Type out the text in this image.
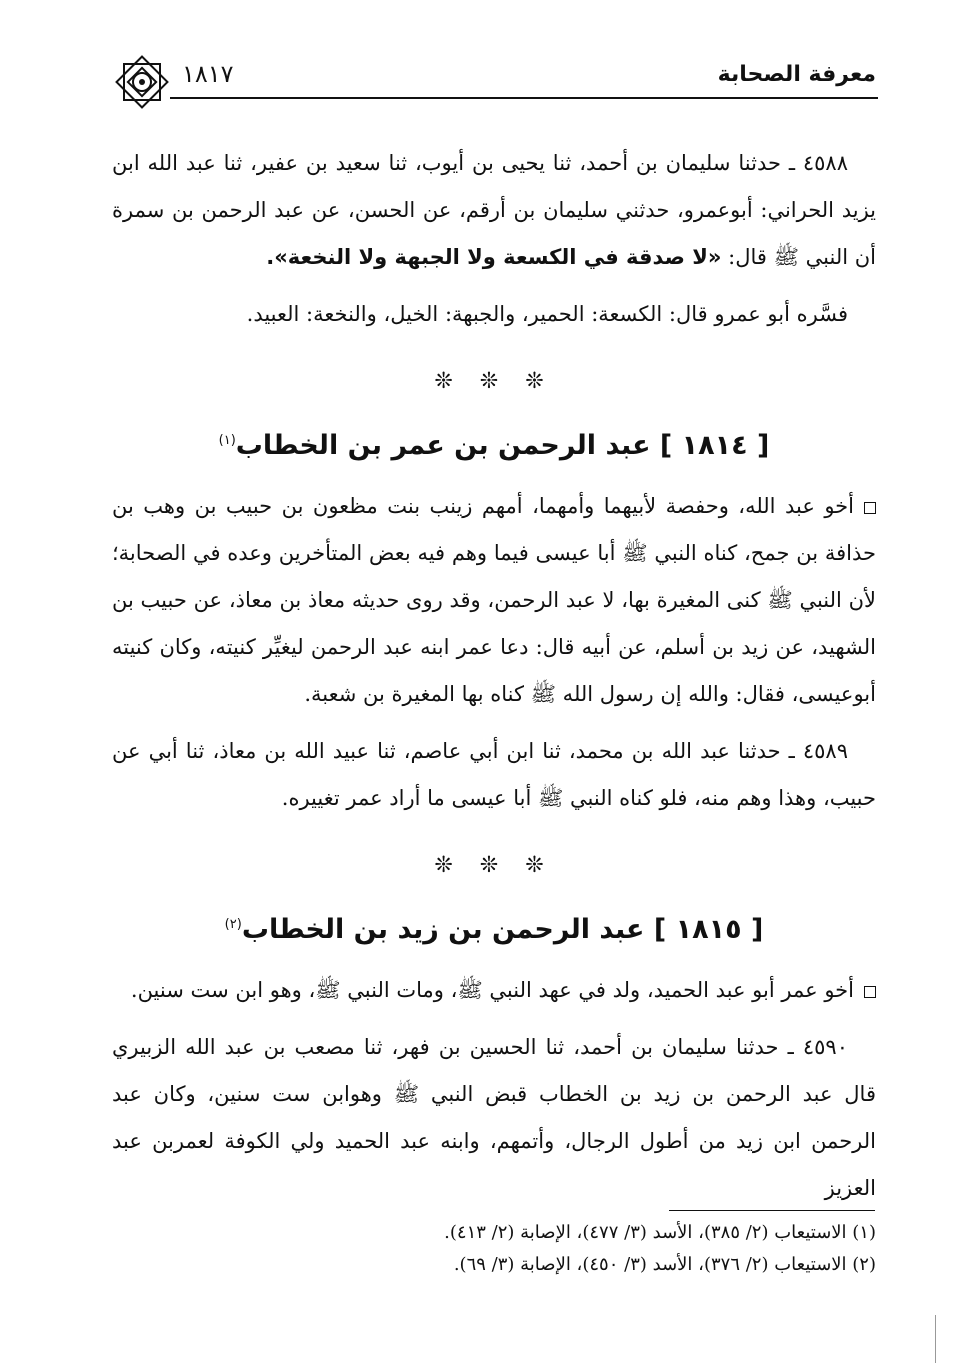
١٨١٧	معرفة الصحابة

٤٥٨٨ ـ حدثنا سليمان بن أحمد، ثنا يحيى بن أيوب، ثنا سعيد بن عفير، ثنا عبد الله ابن يزيد الحراني: أبوعمرو، حدثني سليمان بن أرقم، عن الحسن، عن عبد الرحمن بن سمرة أن النبي ﷺ قال: «لا صدقة في الكسعة ولا الجبهة ولا النخعة».

فسَّره أبو عمرو قال: الكسعة: الحمير، والجبهة: الخيل، والنخعة: العبيد.

❊ ❊ ❊
[ ١٨١٤ ] عبد الرحمن بن عمر بن الخطاب$^{(١)}$

أخو عبد الله، وحفصة لأبيهما وأمهما، أمهم زينب بنت مظعون بن حبيب بن وهب بن حذافة بن جمح، كناه النبي ﷺ أبا عيسى فيما وهم فيه بعض المتأخرين وعده في الصحابة؛ لأن النبي ﷺ كنى المغيرة بها، لا عبد الرحمن، وقد روى حديثه معاذ بن معاذ، عن حبيب بن الشهيد، عن زيد بن أسلم، عن أبيه قال: دعا عمر ابنه عبد الرحمن ليغيِّر كنيته، وكان كنيته أبوعيسى، فقال: والله إن رسول الله ﷺ كناه بها المغيرة بن شعبة.

٤٥٨٩ ـ حدثنا عبد الله بن محمد، ثنا ابن أبي عاصم، ثنا عبيد الله بن معاذ، ثنا أبي عن حبيب، وهذا وهم منه، فلو كناه النبي ﷺ أبا عيسى ما أراد عمر تغييره.

❊ ❊ ❊
[ ١٨١٥ ] عبد الرحمن بن زيد بن الخطاب$^{(٢)}$

أخو عمر أبو عبد الحميد، ولد في عهد النبي ﷺ، ومات النبي ﷺ، وهو ابن ست سنين.

٤٥٩٠ ـ حدثنا سليمان بن أحمد، ثنا الحسين بن فهر، ثنا مصعب بن عبد الله الزبيري قال عبد الرحمن بن زيد بن الخطاب قبض النبي ﷺ وهوابن ست سنين، وكان عبد الرحمن ابن زيد من أطول الرجال، وأتمهم، وابنه عبد الحميد ولي الكوفة لعمربن عبد العزيز

(١) الاستيعاب (٢/ ٣٨٥)، الأسد (٣/ ٤٧٧)، الإصابة (٢/ ٤١٣).

(٢) الاستيعاب (٢/ ٣٧٦)، الأسد (٣/ ٤٥٠)، الإصابة (٣/ ٦٩).
